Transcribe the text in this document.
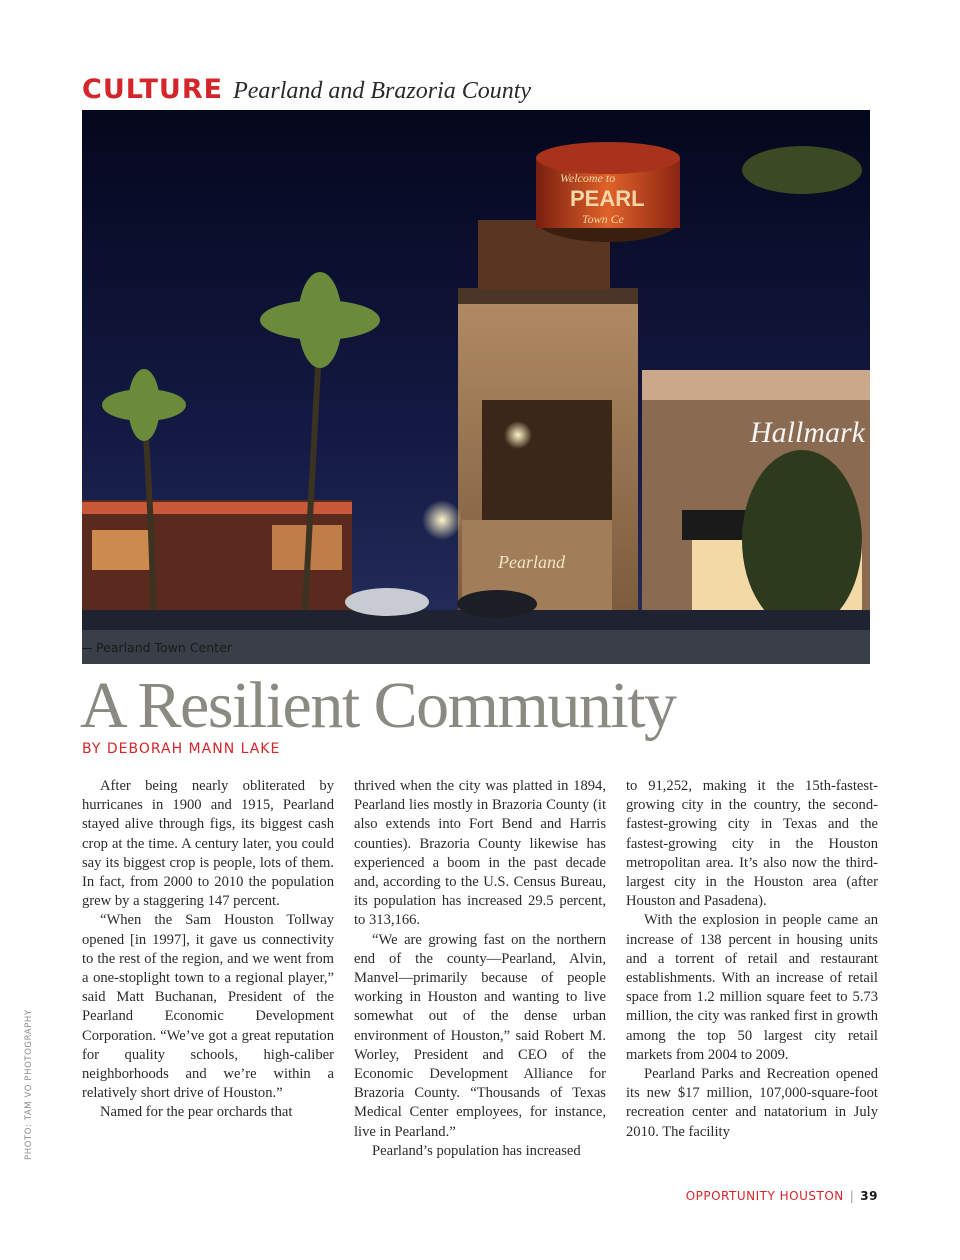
CULTURE Pearland and Brazoria County
Hallmark
Welcome to
PEARL
Town Ce
Pearland
Pearland Town Center
PHOTO: TAM VO PHOTOGRAPHY
A Resilient Community
BY DEBORAH MANN LAKE

After being nearly obliterated by hurricanes in 1900 and 1915, Pearland stayed alive through figs, its biggest cash crop at the time. A century later, you could say its biggest crop is people, lots of them. In fact, from 2000 to 2010 the population grew by a staggering 147 percent.

“When the Sam Houston Tollway opened [in 1997], it gave us connectivity to the rest of the region, and we went from a one-stoplight town to a regional player,” said Matt Buchanan, President of the Pearland Economic Development Corporation. “We’ve got a great reputation for quality schools, high-caliber neighborhoods and we’re within a relatively short drive of Houston.”

Named for the pear orchards that

thrived when the city was platted in 1894, Pearland lies mostly in Brazoria County (it also extends into Fort Bend and Harris counties). Brazoria County likewise has experienced a boom in the past decade and, according to the U.S. Census Bureau, its population has increased 29.5 percent, to 313,166.

“We are growing fast on the northern end of the county—Pearland, Alvin, Manvel—primarily because of people working in Houston and wanting to live somewhat out of the dense urban environment of Houston,” said Robert M. Worley, President and CEO of the Economic Development Alliance for Brazoria County. “Thousands of Texas Medical Center employees, for instance, live in Pearland.”

Pearland’s population has increased

to 91,252, making it the 15th-fastest-growing city in the country, the second-fastest-growing city in Texas and the fastest-growing city in the Houston metropolitan area. It’s also now the third-largest city in the Houston area (after Houston and Pasadena).

With the explosion in people came an increase of 138 percent in housing units and a torrent of retail and restaurant establishments. With an increase of retail space from 1.2 million square feet to 5.73 million, the city was ranked first in growth among the top 50 largest city retail markets from 2004 to 2009.

Pearland Parks and Recreation opened its new $17 million, 107,000-square-foot recreation center and natatorium in July 2010. The facility

OPPORTUNITY HOUSTON | 39
